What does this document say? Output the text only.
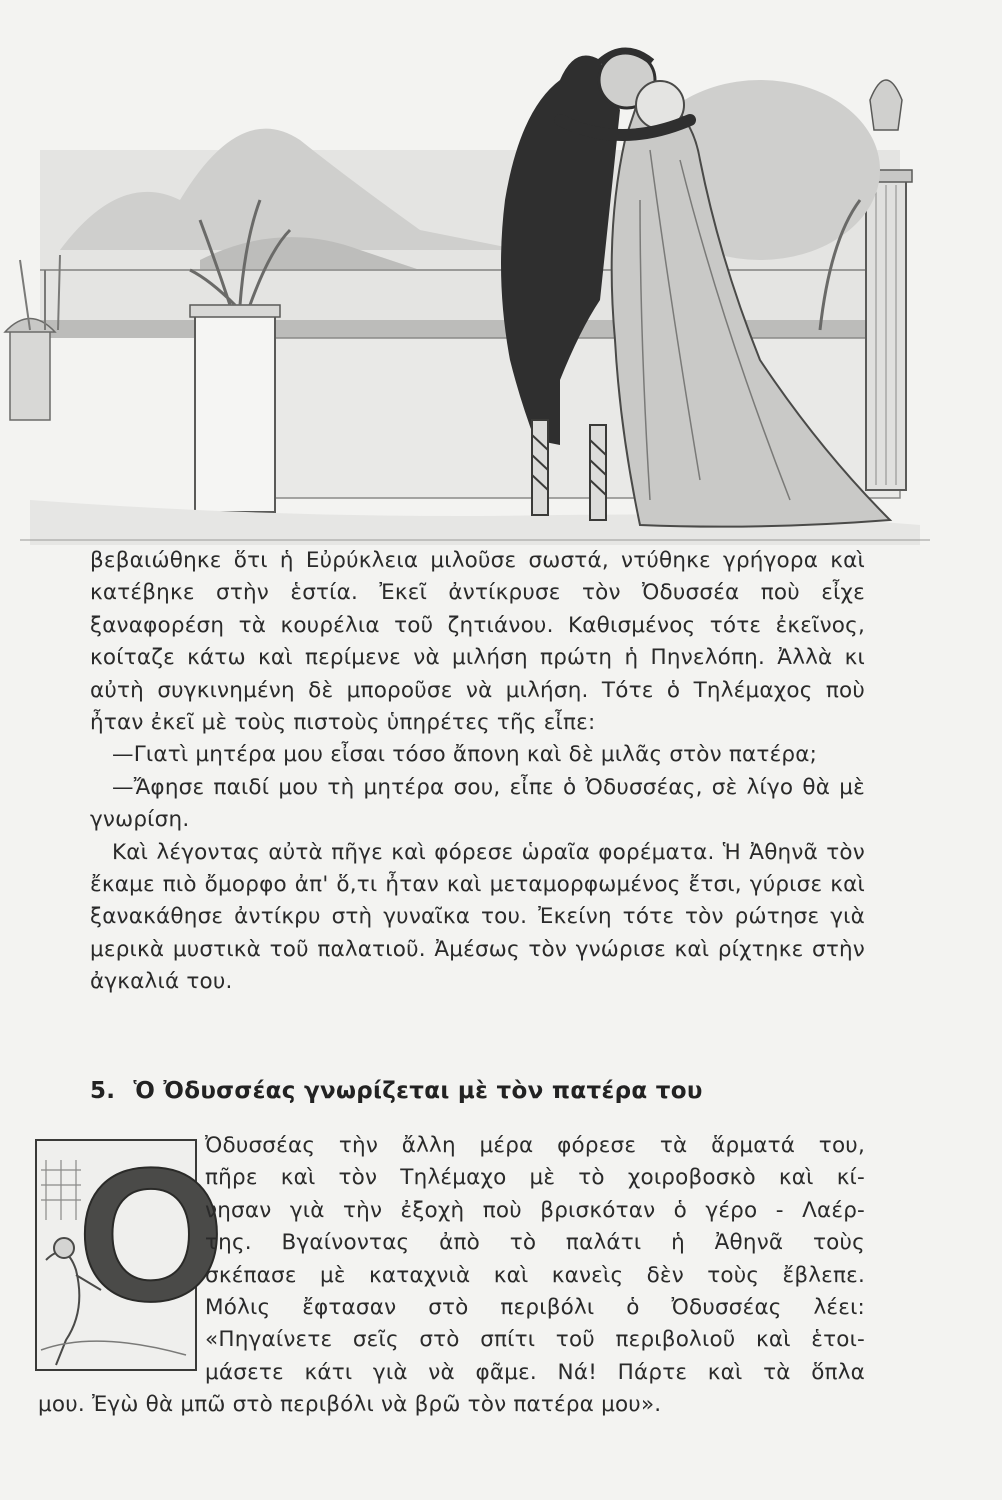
βεβαιώθηκε ὅτι ἡ Εὐρύκλεια μιλοῦσε σωστά, ντύθηκε γρήγορα καὶ κατέβηκε στὴν ἑστία. Ἐκεῖ ἀντίκρυσε τὸν Ὀδυσσέα ποὺ εἶχε ξαναφορέση τὰ κουρέλια τοῦ ζητιάνου. Καθισμένος τότε ἐκεῖνος, κοίταζε κάτω καὶ περίμενε νὰ μιλήση πρώτη ἡ Πηνελόπη. Ἀλλὰ κι αὐτὴ συγκινημένη δὲ μποροῦσε νὰ μιλήση. Τότε ὁ Τηλέμαχος ποὺ ἦταν ἐκεῖ μὲ τοὺς πιστοὺς ὑπηρέτες τῆς εἶπε:

—Γιατὶ μητέρα μου εἶσαι τόσο ἄπονη καὶ δὲ μιλᾶς στὸν πατέρα;

—Ἄφησε παιδί μου τὴ μητέρα σου, εἶπε ὁ Ὀδυσσέας, σὲ λίγο θὰ μὲ γνωρίση.

Καὶ λέγοντας αὐτὰ πῆγε καὶ φόρεσε ὡραῖα φορέματα. Ἡ Ἀθηνᾶ τὸν ἔκαμε πιὸ ὄμορφο ἀπ' ὅ,τι ἦταν καὶ μεταμορφωμένος ἔτσι, γύρισε καὶ ξανακάθησε ἀντίκρυ στὴ γυναῖκα του. Ἐκείνη τότε τὸν ρώτησε γιὰ μερικὰ μυστικὰ τοῦ παλατιοῦ. Ἀμέσως τὸν γνώρισε καὶ ρίχτηκε στὴν ἀγκαλιά του.

5. Ὁ Ὀδυσσέας γνωρίζεται μὲ τὸν πατέρα του
O
Ὀδυσσέας τὴν ἄλλη μέρα φόρεσε τὰ ἅρματά του,
πῆρε καὶ τὸν Τηλέμαχο μὲ τὸ χοιροβοσκὸ καὶ κί-
νησαν γιὰ τὴν ἐξοχὴ ποὺ βρισκόταν ὁ γέρο - Λαέρ-
της. Βγαίνοντας ἀπὸ τὸ παλάτι ἡ Ἀθηνᾶ τοὺς
σκέπασε μὲ καταχνιὰ καὶ κανεὶς δὲν τοὺς ἔβλεπε.
Μόλις ἔφτασαν στὸ περιβόλι ὁ Ὀδυσσέας λέει:
«Πηγαίνετε σεῖς στὸ σπίτι τοῦ περιβολιοῦ καὶ ἑτοι-
μάσετε κάτι γιὰ νὰ φᾶμε. Νά! Πάρτε καὶ τὰ ὅπλα
μου. Ἐγὼ θὰ μπῶ στὸ περιβόλι νὰ βρῶ τὸν πατέρα μου».
